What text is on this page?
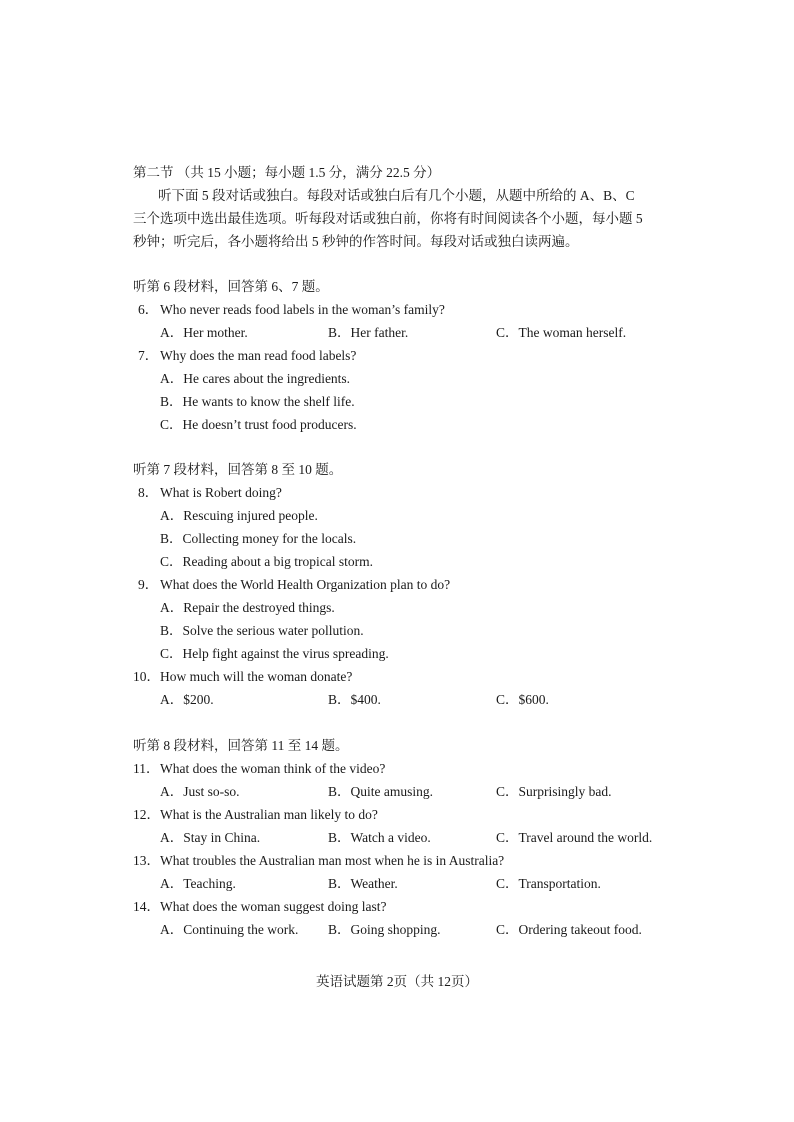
第二节 （共 15 小题；每小题 1.5 分，满分 22.5 分）
听下面 5 段对话或独白。每段对话或独白后有几个小题，从题中所给的 A、B、C
三个选项中选出最佳选项。听每段对话或独白前，你将有时间阅读各个小题，每小题 5
秒钟；听完后，各小题将给出 5 秒钟的作答时间。每段对话或独白读两遍。
听第 6 段材料，回答第 6、7 题。
6． Who never reads food labels in the woman’s family?
A．Her mother.	B．Her father.	C．The woman herself.
7． Why does the man read food labels?
A．He cares about the ingredients.
B．He wants to know the shelf life.
C．He doesn’t trust food producers.
听第 7 段材料，回答第 8 至 10 题。
8． What is Robert doing?
A．Rescuing injured people.
B．Collecting money for the locals.
C．Reading about a big tropical storm.
9． What does the World Health Organization plan to do?
A．Repair the destroyed things.
B．Solve the serious water pollution.
C．Help fight against the virus spreading.
10． How much will the woman donate?
A．$200.	B．$400.	C．$600.
听第 8 段材料，回答第 11 至 14 题。
11． What does the woman think of the video?
A．Just so-so.	B．Quite amusing.	C．Surprisingly bad.
12． What is the Australian man likely to do?
A．Stay in China.	B．Watch a video.	C．Travel around the world.
13． What troubles the Australian man most when he is in Australia?
A．Teaching.	B．Weather.	C．Transportation.
14． What does the woman suggest doing last?
A．Continuing the work. B．Going shopping.	C．Ordering takeout food.
英语试题第 2页（共 12页）
